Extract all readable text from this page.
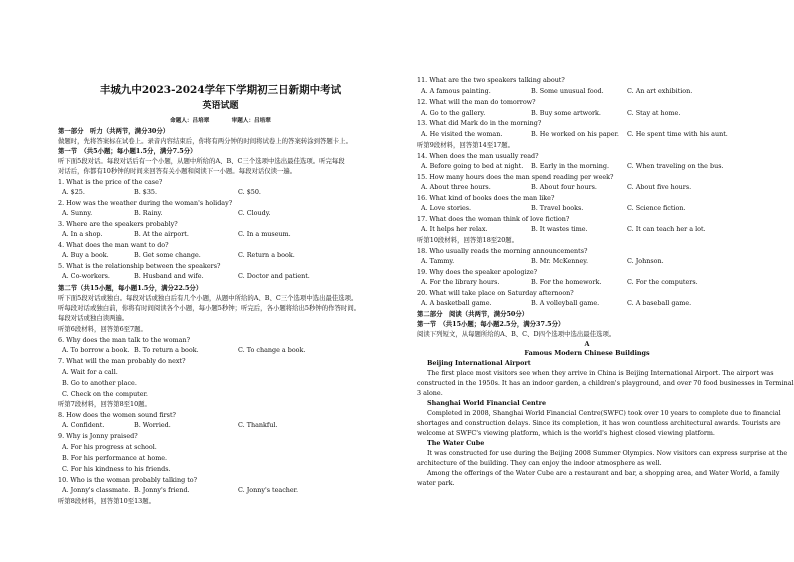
丰城九中2023-2024学年下学期初三日新期中考试
英语试题
命题人：吕培翠　　　　审题人：吕培翠
第一部分　听力（共两节，满分30分）
做题时，先将答案标在试卷上。录音内容结束后，你将有两分钟的时间将试卷上的答案转涂到答题卡上。
第一节　（共5小题；每小题1.5分，满分7.5分）
听下面5段对话。每段对话后有一个小题，从题中所给的A、B、C三个选项中选出最佳选项。听完每段
对话后，你都有10秒钟的时间来回答有关小题和阅读下一小题。每段对话仅读一遍。
1. What is the price of the case?
A. $25.	B. $35.	C. $50.
2. How was the weather during the woman's holiday?
A. Sunny.	B. Rainy.	C. Cloudy.
3. Where are the speakers probably?
A. In a shop.	B. At the airport.	C. In a museum.
4. What does the man want to do?
A. Buy a book.	B. Get some change.	C. Return a book.
5. What is the relationship between the speakers?
A. Co-workers.	B. Husband and wife.	C. Doctor and patient.
第二节（共15小题，每小题1.5分，满分22.5分）
听下面5段对话或独白。每段对话或独白后有几个小题，从题中所给的A、B、C三个选项中选出最佳选项。
听每段对话或独白前，你将有时间阅读各个小题，每小题5秒钟；听完后，各小题将给出5秒钟的作答时间。
每段对话或独白读两遍。
听第6段材料，回答第6至7题。
6. Why does the man talk to the woman?
A. To borrow a book. B. To return a book.	C. To change a book.
7. What will the man probably do next?
A. Wait for a call.
B. Go to another place.
C. Check on the computer.
听第7段材料，回答第8至10题。
8. How does the women sound first?
A. Confident.	B. Worried.	C. Thankful.
9. Why is Jonny praised?
A. For his progress at school.
B. For his performance at home.
C. For his kindness to his friends.
10. Who is the woman probably talking to?
A. Jonny's classmate. B. Jonny's friend.	C. Jonny's teacher.
听第8段材料，回答第10至13题。
11. What are the two speakers talking about?
A. A famous painting.	B. Some unusual food.	C. An art exhibition.
12. What will the man do tomorrow?
A. Go to the gallery.	B. Buy some artwork.	C. Stay at home.
13. What did Mark do in the morning?
A. He visited the woman.	B. He worked on his paper. C. He spent time with his aunt.
听第9段材料，回答第14至17题。
14. When does the man usually read?
A. Before going to bed at night. B. Early in the morning.	C. When traveling on the bus.
15. How many hours does the man spend reading per week?
A. About three hours.	B. About four hours.	C. About five hours.
16. What kind of books does the man like?
A. Love stories.	B. Travel books.	C. Science fiction.
17. What does the woman think of love fiction?
A. It helps her relax.	B. It wastes time.	C. It can teach her a lot.
听第10段材料，回答第18至20题。
18. Who usually reads the morning announcements?
A. Tammy.	B. Mr. McKenney.	C. Johnson.
19. Why does the speaker apologize?
A. For the library hours.	B. For the homework.	C. For the computers.
20. What will take place on Saturday afternoon?
A. A basketball game.	B. A volleyball game.	C. A baseball game.
第二部分　阅读（共两节，满分50分）
第一节　（共15小题；每小题2.5分，满分37.5分）
阅读下列短文，从每题所给的A、B、C、D四个选项中选出最佳选项。
A
Famous Modern Chinese Buildings
Beijing International Airport
The first place most visitors see when they arrive in China is Beijing International Airport. The airport was
constructed in the 1950s. It has an indoor garden, a children's playground, and over 70 food businesses in Terminal
3 alone.
Shanghai World Financial Centre
Completed in 2008, Shanghai World Financial Centre(SWFC) took over 10 years to complete due to financial
shortages and construction delays. Since its completion, it has won countless architectural awards. Tourists are
welcome at SWFC's viewing platform, which is the world's highest closed viewing platform.
The Water Cube
It was constructed for use during the Beijing 2008 Summer Olympics. Now visitors can express surprise at the
architecture of the building. They can enjoy the indoor atmosphere as well.
Among the offerings of the Water Cube are a restaurant and bar, a shopping area, and Water World, a family
water park.
